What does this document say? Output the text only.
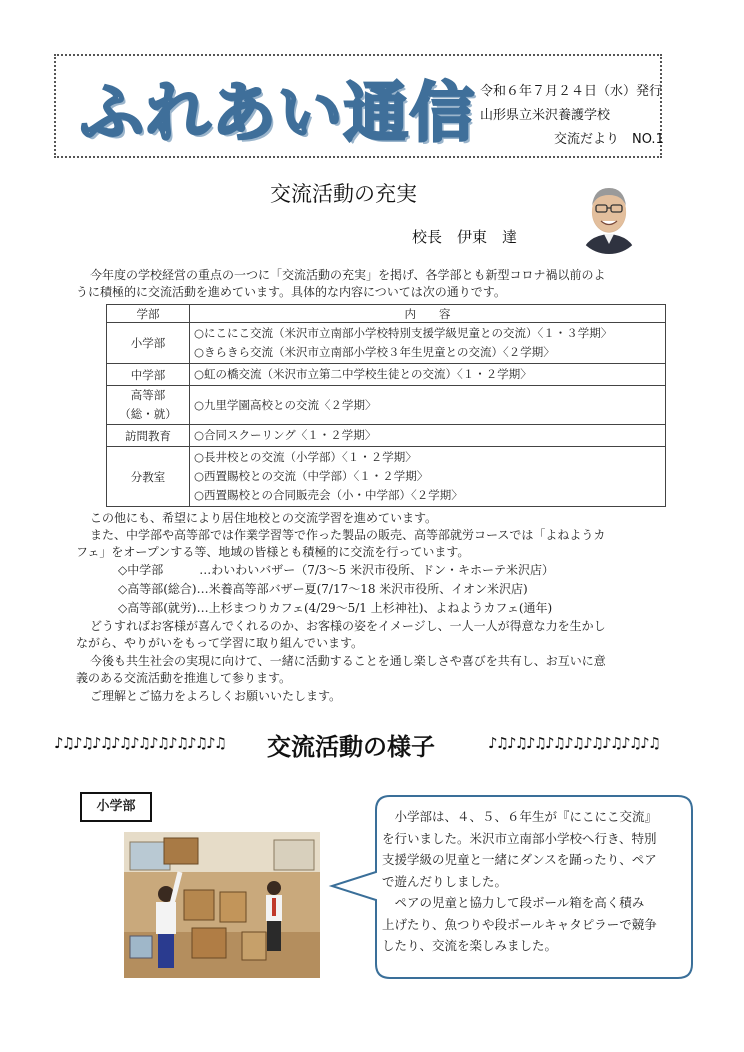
ふれあい通信 令和６年７月２４日（水）発行
山形県立米沢養護学校
交流だより　NO.1
交流活動の充実
校長　伊東　達
今年度の学校経営の重点の一つに「交流活動の充実」を掲げ、各学部とも新型コロナ禍以前のよ
うに積極的に交流活動を進めています。具体的な内容については次の通りです。
学部	内　　容
小学部	○にこにこ交流（米沢市立南部小学校特別支援学級児童との交流）〈１・３学期〉
○きらきら交流（米沢市立南部小学校３年生児童との交流）〈２学期〉

中学部	○虹の橋交流（米沢市立第二中学校生徒との交流）〈１・２学期〉

高等部
（総・就）	○九里学園高校との交流〈２学期〉

訪問教育	○合同スクーリング〈１・２学期〉

分教室	○長井校との交流（小学部）〈１・２学期〉
○西置賜校との交流（中学部）〈１・２学期〉
○西置賜校との合同販売会（小・中学部）〈２学期〉
この他にも、希望により居住地校との交流学習を進めています。
また、中学部や高等部では作業学習等で作った製品の販売、高等部就労コースでは「よねようカ
フェ」をオープンする等、地域の皆様とも積極的に交流を行っています。
◇中学部　　　…わいわいバザー（7/3～5 米沢市役所、ドン・キホーテ米沢店）
◇高等部(総合)…米養高等部バザー夏(7/17～18 米沢市役所、イオン米沢店)
◇高等部(就労)…上杉まつりカフェ(4/29～5/1 上杉神社)、よねようカフェ(通年)
どうすればお客様が喜んでくれるのか、お客様の姿をイメージし、一人一人が得意な力を生かし
ながら、やりがいをもって学習に取り組んでいます。
今後も共生社会の実現に向けて、一緒に活動することを通し楽しさや喜びを共有し、お互いに意
義のある交流活動を推進して参ります。
ご理解とご協力をよろしくお願いいたします。
♪♫♪♫♪♫♪♫♪♫♪♫♪♫♪♫♪♫ 交流活動の様子	♪♫♪♫♪♫♪♫♪♫♪♫♪♫♪♫♪♫
小学部
　小学部は、４、５、６年生が『にこにこ交流』
を行いました。米沢市立南部小学校へ行き、特別
支援学級の児童と一緒にダンスを踊ったり、ペア
で遊んだりしました。
　ペアの児童と協力して段ボール箱を高く積み
上げたり、魚つりや段ボールキャタピラーで競争
したり、交流を楽しみました。
